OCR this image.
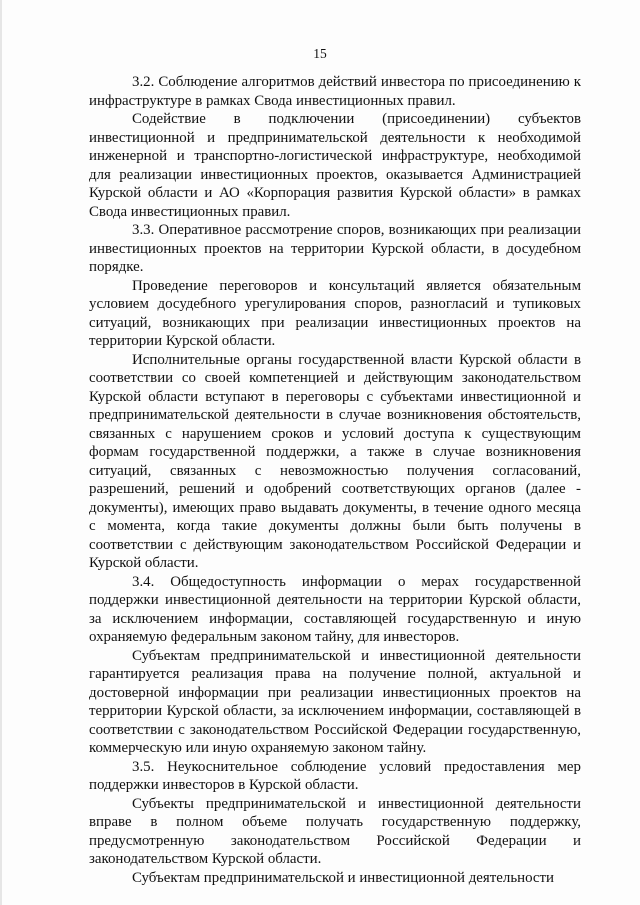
15

3.2. Соблюдение алгоритмов действий инвестора по присоединению к инфраструктуре в рамках Свода инвестиционных правил.

Содействие в подключении (присоединении) субъектов инвестиционной и предпринимательской деятельности к необходимой инженерной и транспортно-логистической инфраструктуре, необходимой для реализации инвестиционных проектов, оказывается Администрацией Курской области и АО «Корпорация развития Курской области» в рамках Свода инвестиционных правил.

3.3. Оперативное рассмотрение споров, возникающих при реализации инвестиционных проектов на территории Курской области, в досудебном порядке.

Проведение переговоров и консультаций является обязательным условием досудебного урегулирования споров, разногласий и тупиковых ситуаций, возникающих при реализации инвестиционных проектов на территории Курской области.

Исполнительные органы государственной власти Курской области в соответствии со своей компетенцией и действующим законодательством Курской области вступают в переговоры с субъектами инвестиционной и предпринимательской деятельности в случае возникновения обстоятельств, связанных с нарушением сроков и условий доступа к существующим формам государственной поддержки, а также в случае возникновения ситуаций, связанных с невозможностью получения согласований, разрешений, решений и одобрений соответствующих органов (далее - документы), имеющих право выдавать документы, в течение одного месяца с момента, когда такие документы должны были быть получены в соответствии с действующим законодательством Российской Федерации и Курской области.

3.4. Общедоступность информации о мерах государственной поддержки инвестиционной деятельности на территории Курской области, за исключением информации, составляющей государственную и иную охраняемую федеральным законом тайну, для инвесторов.

Субъектам предпринимательской и инвестиционной деятельности гарантируется реализация права на получение полной, актуальной и достоверной информации при реализации инвестиционных проектов на территории Курской области, за исключением информации, составляющей в соответствии с законодательством Российской Федерации государственную, коммерческую или иную охраняемую законом тайну.

3.5. Неукоснительное соблюдение условий предоставления мер поддержки инвесторов в Курской области.

Субъекты предпринимательской и инвестиционной деятельности вправе в полном объеме получать государственную поддержку, предусмотренную законодательством Российской Федерации и законодательством Курской области.

Субъектам предпринимательской и инвестиционной деятельности
